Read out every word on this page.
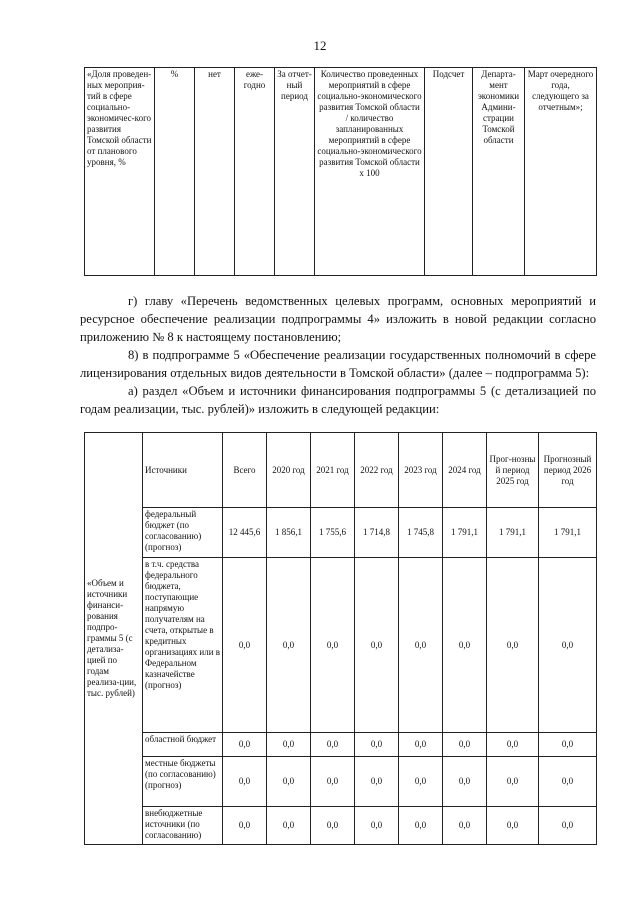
12
«Доля проведен-ных мероприя-тий в сфере социально-экономичес-кого развития Томской области от планового уровня, %	%	нет	еже-годно	За отчет-ный период	Количество проведенных мероприятий в сфере социально-экономического развития Томской области / количество запланированных мероприятий в сфере социально-экономического развития Томской области x 100	Подсчет	Департа-мент экономики Админи-страции Томской области	Март очередного года, следующего за отчетным»;
г) главу «Перечень ведомственных целевых программ, основных мероприятий и ресурсное обеспечение реализации подпрограммы 4» изложить в новой редакции согласно приложению № 8 к настоящему постановлению;
8) в подпрограмме 5 «Обеспечение реализации государственных полномочий в сфере лицензирования отдельных видов деятельности в Томской области» (далее – подпрограмма 5):
а) раздел «Объем и источники финансирования подпрограммы 5 (с детализацией по годам реализации, тыс. рублей)» изложить в следующей редакции:
«Объем и источники финанси-рования подпро-граммы 5 (с детализа-цией по годам реализа-ции, тыс. рублей)	Источники	Всего	2020 год	2021 год	2022 год	2023 год	2024 год	Прог-нозны й период 2025 год	Прогнозный период 2026 год
	федеральный бюджет (по согласованию) (прогноз)	12 445,6	1 856,1	1 755,6	1 714,8	1 745,8	1 791,1	1 791,1	1 791,1
	в т.ч. средства федерального бюджета, поступающие напрямую получателям на счета, открытые в кредитных организациях или в Федеральном казначействе (прогноз)	0,0	0,0	0,0	0,0	0,0	0,0	0,0	0,0
	областной бюджет	0,0	0,0	0,0	0,0	0,0	0,0	0,0	0,0
	местные бюджеты (по согласованию) (прогноз)	0,0	0,0	0,0	0,0	0,0	0,0	0,0	0,0
	внебюджетные источники (по согласованию)	0,0	0,0	0,0	0,0	0,0	0,0	0,0	0,0
